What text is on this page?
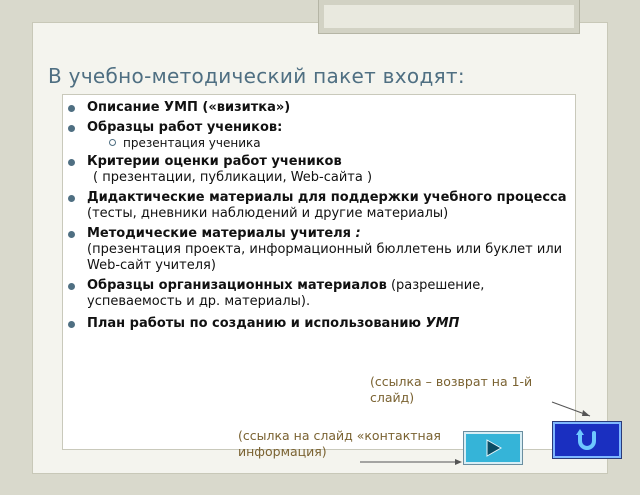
В учебно-методический пакет входят:
Описание УМП («визитка»)
Образцы работ учеников:
презентация ученика
Критерии оценки работ учеников
( презентации, публикации, Web-сайта )
Дидактические материалы для поддержки учебного процесса (тесты, дневники наблюдений и другие материалы)
Методические материалы учителя :
(презентация проекта, информационный бюллетень или буклет или Web-сайт учителя)
Образцы организационных материалов (разрешение, успеваемость и др. материалы).
План работы по созданию и использованию УМП
(ссылка – возврат на 1-й слайд)
(ссылка на слайд «контактная информация)
